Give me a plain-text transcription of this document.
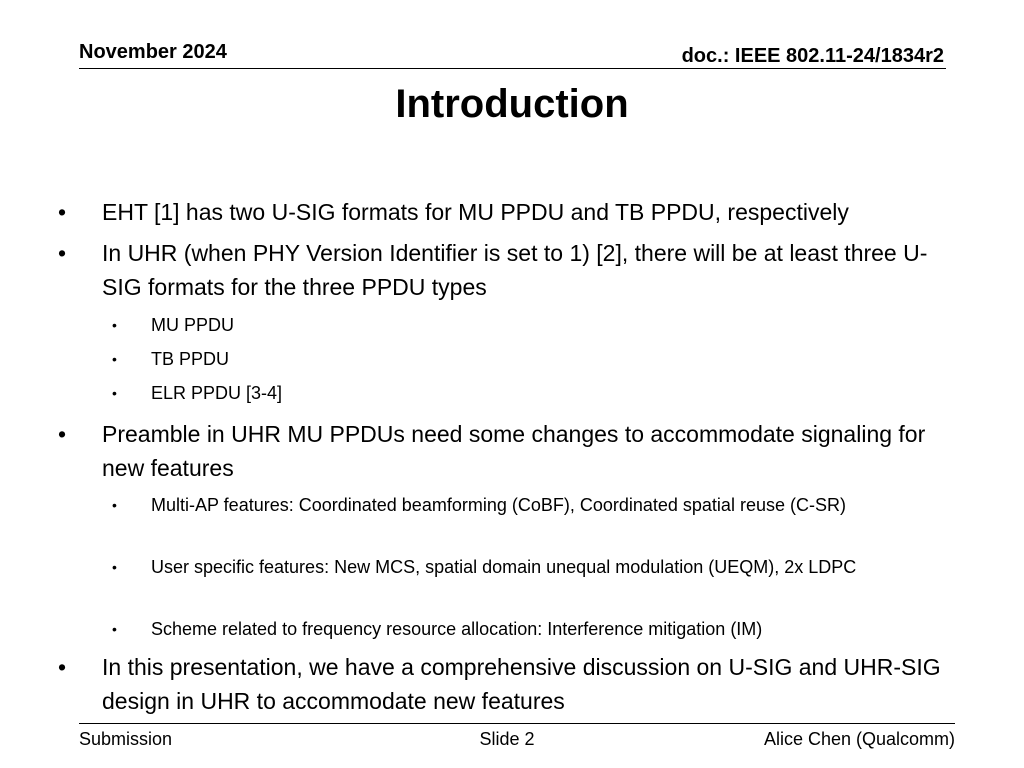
November 2024	doc.: IEEE 802.11-24/1834r2
Introduction
• EHT [1] has two U-SIG formats for MU PPDU and TB PPDU, respectively
• In UHR (when PHY Version Identifier is set to 1) [2], there will be at least three U-SIG formats for the three PPDU types
• MU PPDU
• TB PPDU
• ELR PPDU [3-4]
• Preamble in UHR MU PPDUs need some changes to accommodate signaling for new features
• Multi-AP features: Coordinated beamforming (CoBF), Coordinated spatial reuse (C-SR)
• User specific features: New MCS, spatial domain unequal modulation (UEQM), 2x LDPC
• Scheme related to frequency resource allocation: Interference mitigation (IM)
• In this presentation, we have a comprehensive discussion on U-SIG and UHR-SIG design in UHR to accommodate new features
Submission	Slide 2	Alice Chen (Qualcomm)
